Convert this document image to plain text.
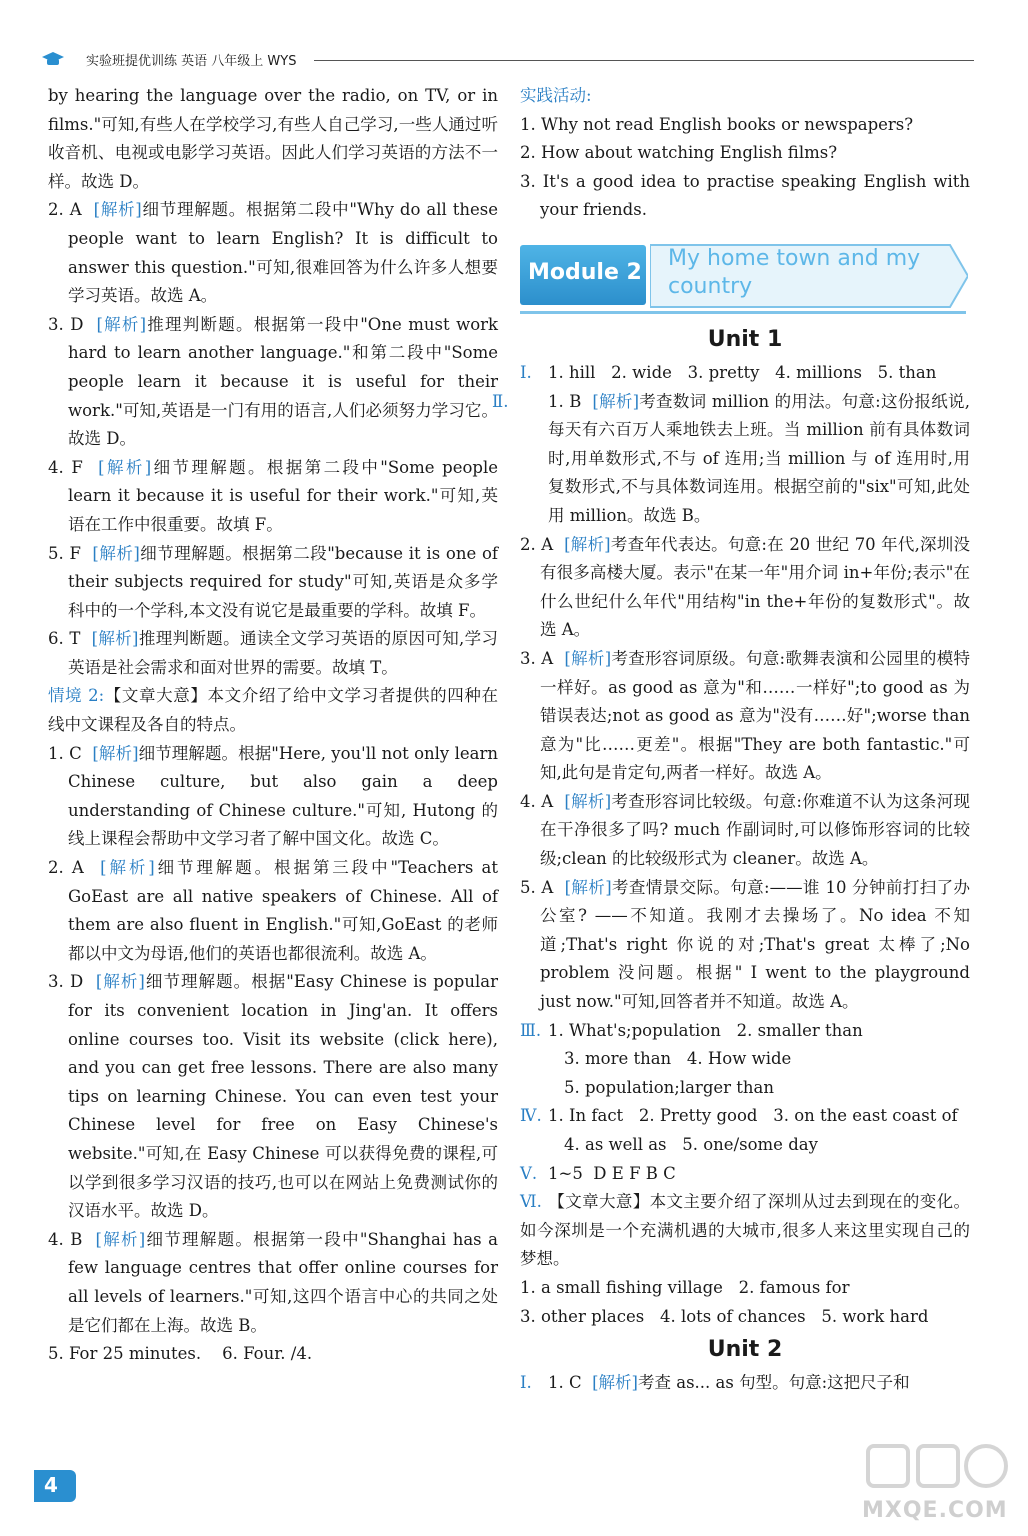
实验班提优训练 英语 八年级上 WYS

by hearing the language over the radio, on TV, or in films."可知,有些人在学校学习,有些人自己学习,一些人通过听收音机、电视或电影学习英语。因此人们学习英语的方法不一样。故选 D。

2. A [解析]细节理解题。根据第二段中"Why do all these people want to learn English? It is difficult to answer this question."可知,很难回答为什么许多人想要学习英语。故选 A。

3. D [解析]推理判断题。根据第一段中"One must work hard to learn another language."和第二段中"Some people learn it because it is useful for their work."可知,英语是一门有用的语言,人们必须努力学习它。故选 D。

4. F [解析]细节理解题。根据第二段中"Some people learn it because it is useful for their work."可知,英语在工作中很重要。故填 F。

5. F [解析]细节理解题。根据第二段"because it is one of their subjects required for study"可知,英语是众多学科中的一个学科,本文没有说它是最重要的学科。故填 F。

6. T [解析]推理判断题。通读全文学习英语的原因可知,学习英语是社会需求和面对世界的需要。故填 T。

情境 2:【文章大意】本文介绍了给中文学习者提供的四种在线中文课程及各自的特点。

1. C [解析]细节理解题。根据"Here, you'll not only learn Chinese culture, but also gain a deep understanding of Chinese culture."可知, Hutong 的线上课程会帮助中文学习者了解中国文化。故选 C。

2. A [解析]细节理解题。根据第三段中"Teachers at GoEast are all native speakers of Chinese. All of them are also fluent in English."可知,GoEast 的老师都以中文为母语,他们的英语也都很流利。故选 A。

3. D [解析]细节理解题。根据"Easy Chinese is popular for its convenient location in Jing'an. It offers online courses too. Visit its website (click here), and you can get free lessons. There are also many tips on learning Chinese. You can even test your Chinese level for free on Easy Chinese's website."可知,在 Easy Chinese 可以获得免费的课程,可以学到很多学习汉语的技巧,也可以在网站上免费测试你的汉语水平。故选 D。

4. B [解析]细节理解题。根据第一段中"Shanghai has a few language centres that offer online courses for all levels of learners."可知,这四个语言中心的共同之处是它们都在上海。故选 B。

5. For 25 minutes.    6. Four. /4.

实践活动:

1. Why not read English books or newspapers?

2. How about watching English films?

3. It's a good idea to practise speaking English with your friends.

Module 2
My home town and my country
Unit 1

Ⅰ. 1. hill   2. wide   3. pretty   4. millions   5. than

Ⅱ. 1. B [解析]考查数词 million 的用法。句意:这份报纸说,每天有六百万人乘地铁去上班。当 million 前有具体数词时,用单数形式,不与 of 连用;当 million 与 of 连用时,用复数形式,不与具体数词连用。根据空前的"six"可知,此处用 million。故选 B。

2. A [解析]考查年代表达。句意:在 20 世纪 70 年代,深圳没有很多高楼大厦。表示"在某一年"用介词 in+年份;表示"在什么世纪什么年代"用结构"in the+年份的复数形式"。故选 A。

3. A [解析]考查形容词原级。句意:歌舞表演和公园里的模特一样好。as good as 意为"和……一样好";to good as 为错误表达;not as good as 意为"没有……好";worse than 意为"比……更差"。根据"They are both fantastic."可知,此句是肯定句,两者一样好。故选 A。

4. A [解析]考查形容词比较级。句意:你难道不认为这条河现在干净很多了吗? much 作副词时,可以修饰形容词的比较级;clean 的比较级形式为 cleaner。故选 A。

5. A [解析]考查情景交际。句意:——谁 10 分钟前打扫了办公室? ——不知道。我刚才去操场了。No idea 不知道;That's right 你说的对;That's great 太棒了;No problem 没问题。根据" I went to the playground just now."可知,回答者并不知道。故选 A。

Ⅲ. 1. What's;population   2. smaller than

3. more than   4. How wide

5. population;larger than

Ⅳ. 1. In fact   2. Pretty good   3. on the east coast of

4. as well as   5. one/some day

Ⅴ. 1~5  D E F B C

Ⅵ. 【文章大意】本文主要介绍了深圳从过去到现在的变化。如今深圳是一个充满机遇的大城市,很多人来这里实现自己的梦想。

1. a small fishing village   2. famous for

3. other places   4. lots of chances   5. work hard

Unit 2

Ⅰ. 1. C [解析]考查 as... as 句型。句意:这把尺子和

4
MXQE.COM
